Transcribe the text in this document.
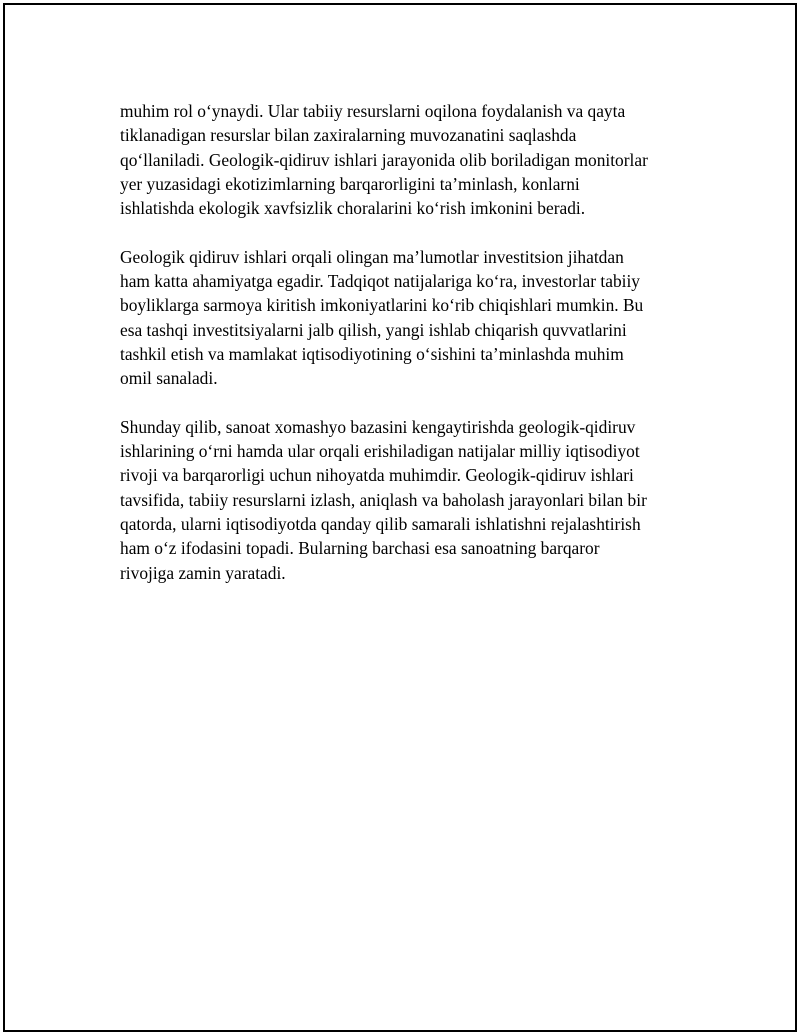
muhim rol o‘ynaydi. Ular tabiiy resurslarni oqilona foydalanish va qayta
tiklanadigan resurslar bilan zaxiralarning muvozanatini saqlashda
qo‘llaniladi. Geologik-qidiruv ishlari jarayonida olib boriladigan monitorlar
yer yuzasidagi ekotizimlarning barqarorligini ta’minlash, konlarni
ishlatishda ekologik xavfsizlik choralarini ko‘rish imkonini beradi.

Geologik qidiruv ishlari orqali olingan ma’lumotlar investitsion jihatdan
ham katta ahamiyatga egadir. Tadqiqot natijalariga ko‘ra, investorlar tabiiy
boyliklarga sarmoya kiritish imkoniyatlarini ko‘rib chiqishlari mumkin. Bu
esa tashqi investitsiyalarni jalb qilish, yangi ishlab chiqarish quvvatlarini
tashkil etish va mamlakat iqtisodiyotining o‘sishini ta’minlashda muhim
omil sanaladi.

Shunday qilib, sanoat xomashyo bazasini kengaytirishda geologik-qidiruv
ishlarining o‘rni hamda ular orqali erishiladigan natijalar milliy iqtisodiyot
rivoji va barqarorligi uchun nihoyatda muhimdir. Geologik-qidiruv ishlari
tavsifida, tabiiy resurslarni izlash, aniqlash va baholash jarayonlari bilan bir
qatorda, ularni iqtisodiyotda qanday qilib samarali ishlatishni rejalashtirish
ham o‘z ifodasini topadi. Bularning barchasi esa sanoatning barqaror
rivojiga zamin yaratadi.
